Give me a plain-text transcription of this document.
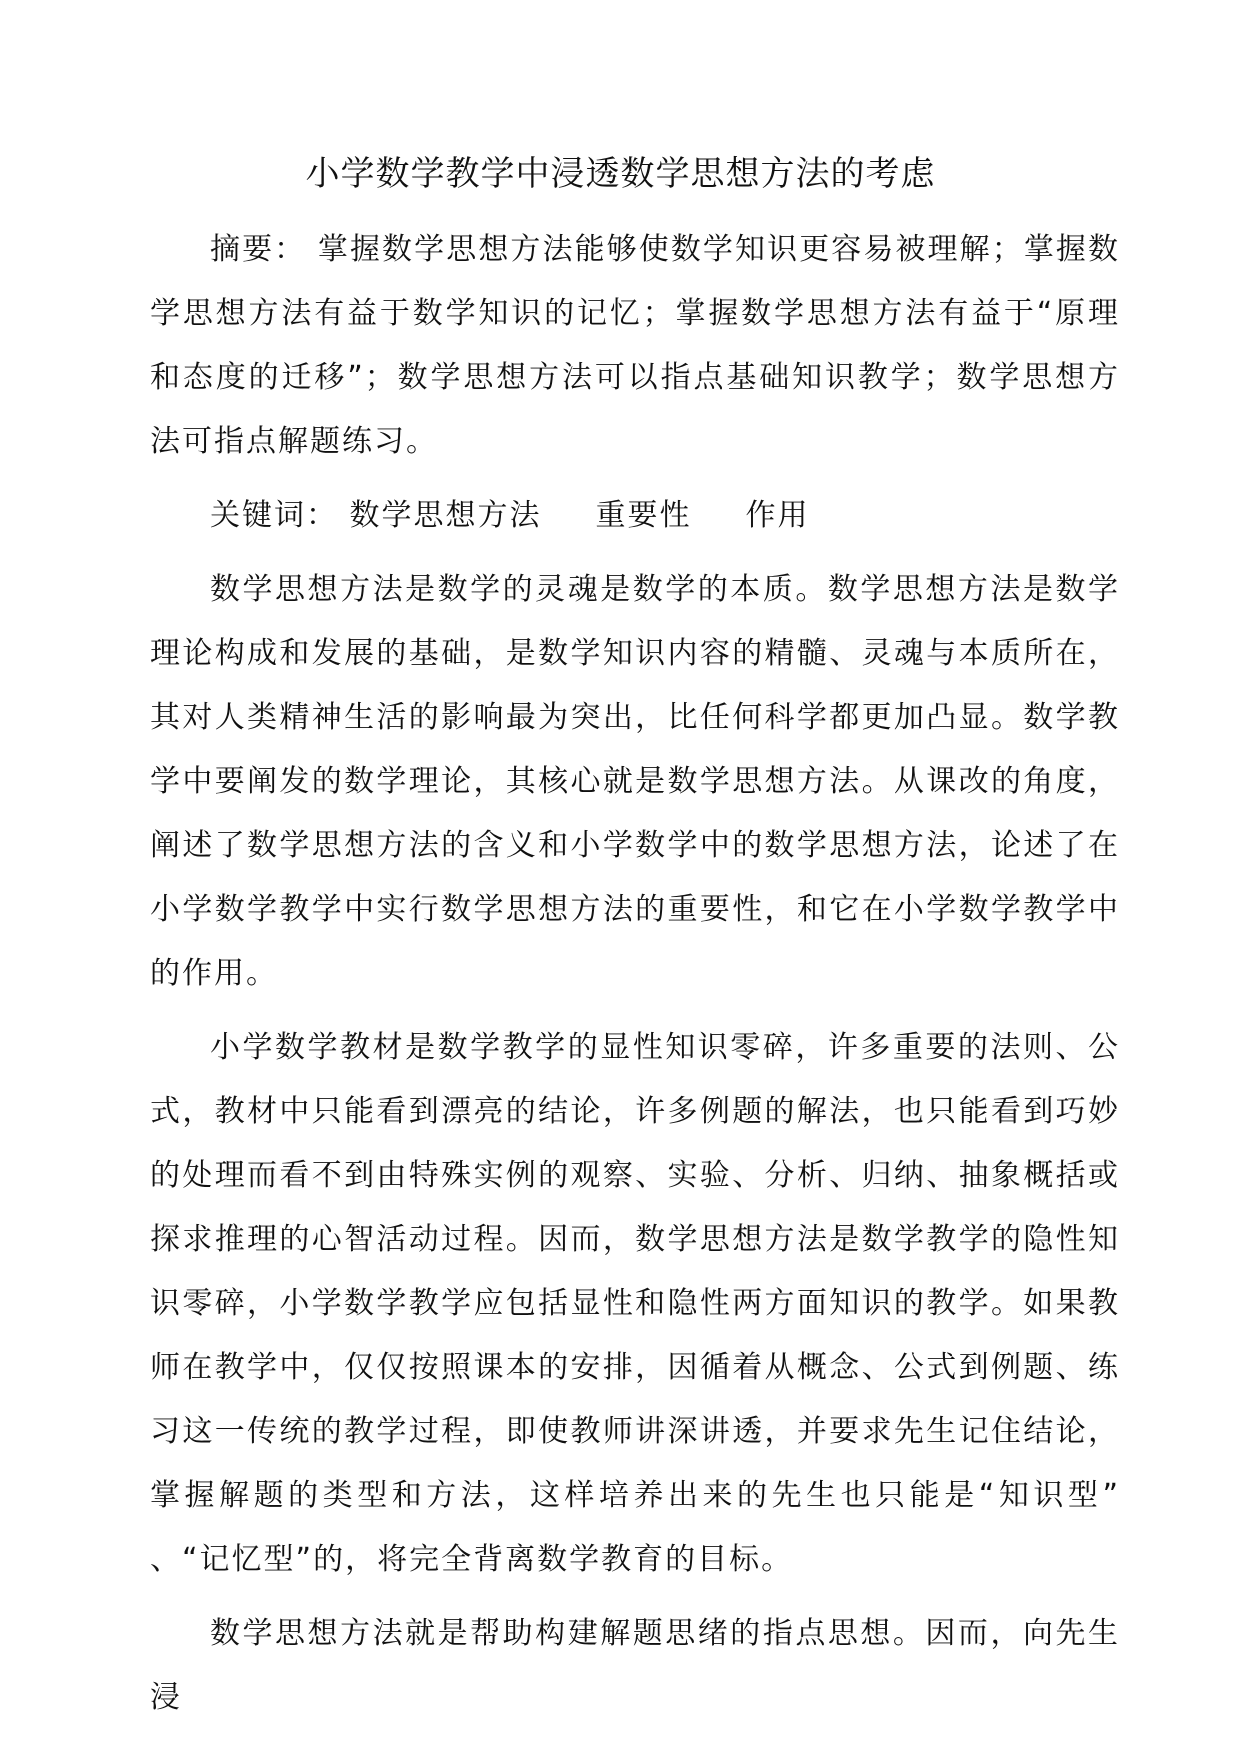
小学数学教学中浸透数学思想方法的考虑

摘要： 掌握数学思想方法能够使数学知识更容易被理解；掌握数学思想方法有益于数学知识的记忆；掌握数学思想方法有益于“原理和态度的迁移”；数学思想方法可以指点基础知识教学；数学思想方法可指点解题练习。

关键词： 数学思想方法 重要性 作用

数学思想方法是数学的灵魂是数学的本质。数学思想方法是数学理论构成和发展的基础，是数学知识内容的精髓、灵魂与本质所在，其对人类精神生活的影响最为突出，比任何科学都更加凸显。数学教学中要阐发的数学理论，其核心就是数学思想方法。从课改的角度，阐述了数学思想方法的含义和小学数学中的数学思想方法，论述了在小学数学教学中实行数学思想方法的重要性，和它在小学数学教学中的作用。

小学数学教材是数学教学的显性知识零碎，许多重要的法则、公式，教材中只能看到漂亮的结论，许多例题的解法，也只能看到巧妙的处理而看不到由特殊实例的观察、实验、分析、归纳、抽象概括或探求推理的心智活动过程。因而，数学思想方法是数学教学的隐性知识零碎，小学数学教学应包括显性和隐性两方面知识的教学。如果教师在教学中，仅仅按照课本的安排，因循着从概念、公式到例题、练习这一传统的教学过程，即使教师讲深讲透，并要求先生记住结论，掌握解题的类型和方法，这样培养出来的先生也只能是“知识型” 、“记忆型”的，将完全背离数学教育的目标。

数学思想方法就是帮助构建解题思绪的指点思想。因而，向先生浸
